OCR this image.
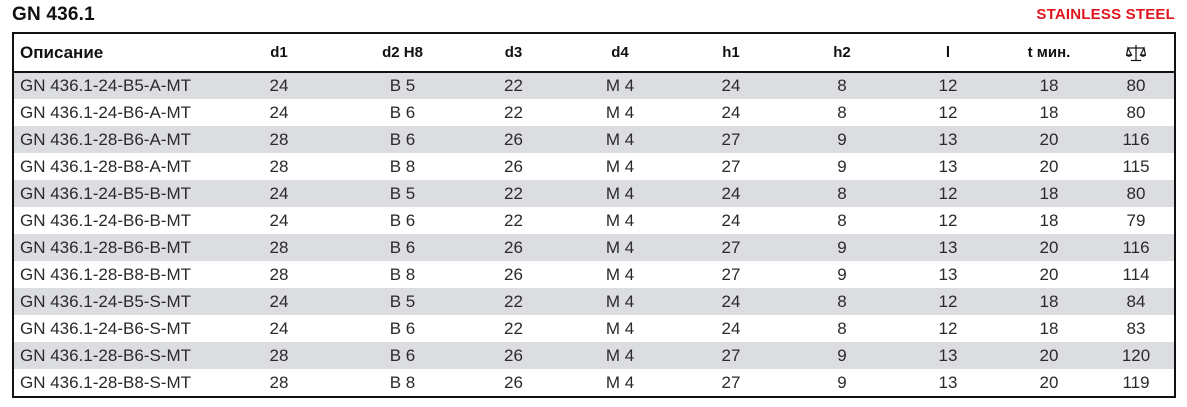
GN 436.1	STAINLESS STEEL
Описание	d1	d2 H8	d3	d4	h1	h2	l	t мин.	

GN 436.1-24-B5-A-MT	24	B 5	22	M 4	24	8	12	18	80
GN 436.1-24-B6-A-MT	24	B 6	22	M 4	24	8	12	18	80
GN 436.1-28-B6-A-MT	28	B 6	26	M 4	27	9	13	20	116
GN 436.1-28-B8-A-MT	28	B 8	26	M 4	27	9	13	20	115
GN 436.1-24-B5-B-MT	24	B 5	22	M 4	24	8	12	18	80
GN 436.1-24-B6-B-MT	24	B 6	22	M 4	24	8	12	18	79
GN 436.1-28-B6-B-MT	28	B 6	26	M 4	27	9	13	20	116
GN 436.1-28-B8-B-MT	28	B 8	26	M 4	27	9	13	20	114
GN 436.1-24-B5-S-MT	24	B 5	22	M 4	24	8	12	18	84
GN 436.1-24-B6-S-MT	24	B 6	22	M 4	24	8	12	18	83
GN 436.1-28-B6-S-MT	28	B 6	26	M 4	27	9	13	20	120
GN 436.1-28-B8-S-MT	28	B 8	26	M 4	27	9	13	20	119
